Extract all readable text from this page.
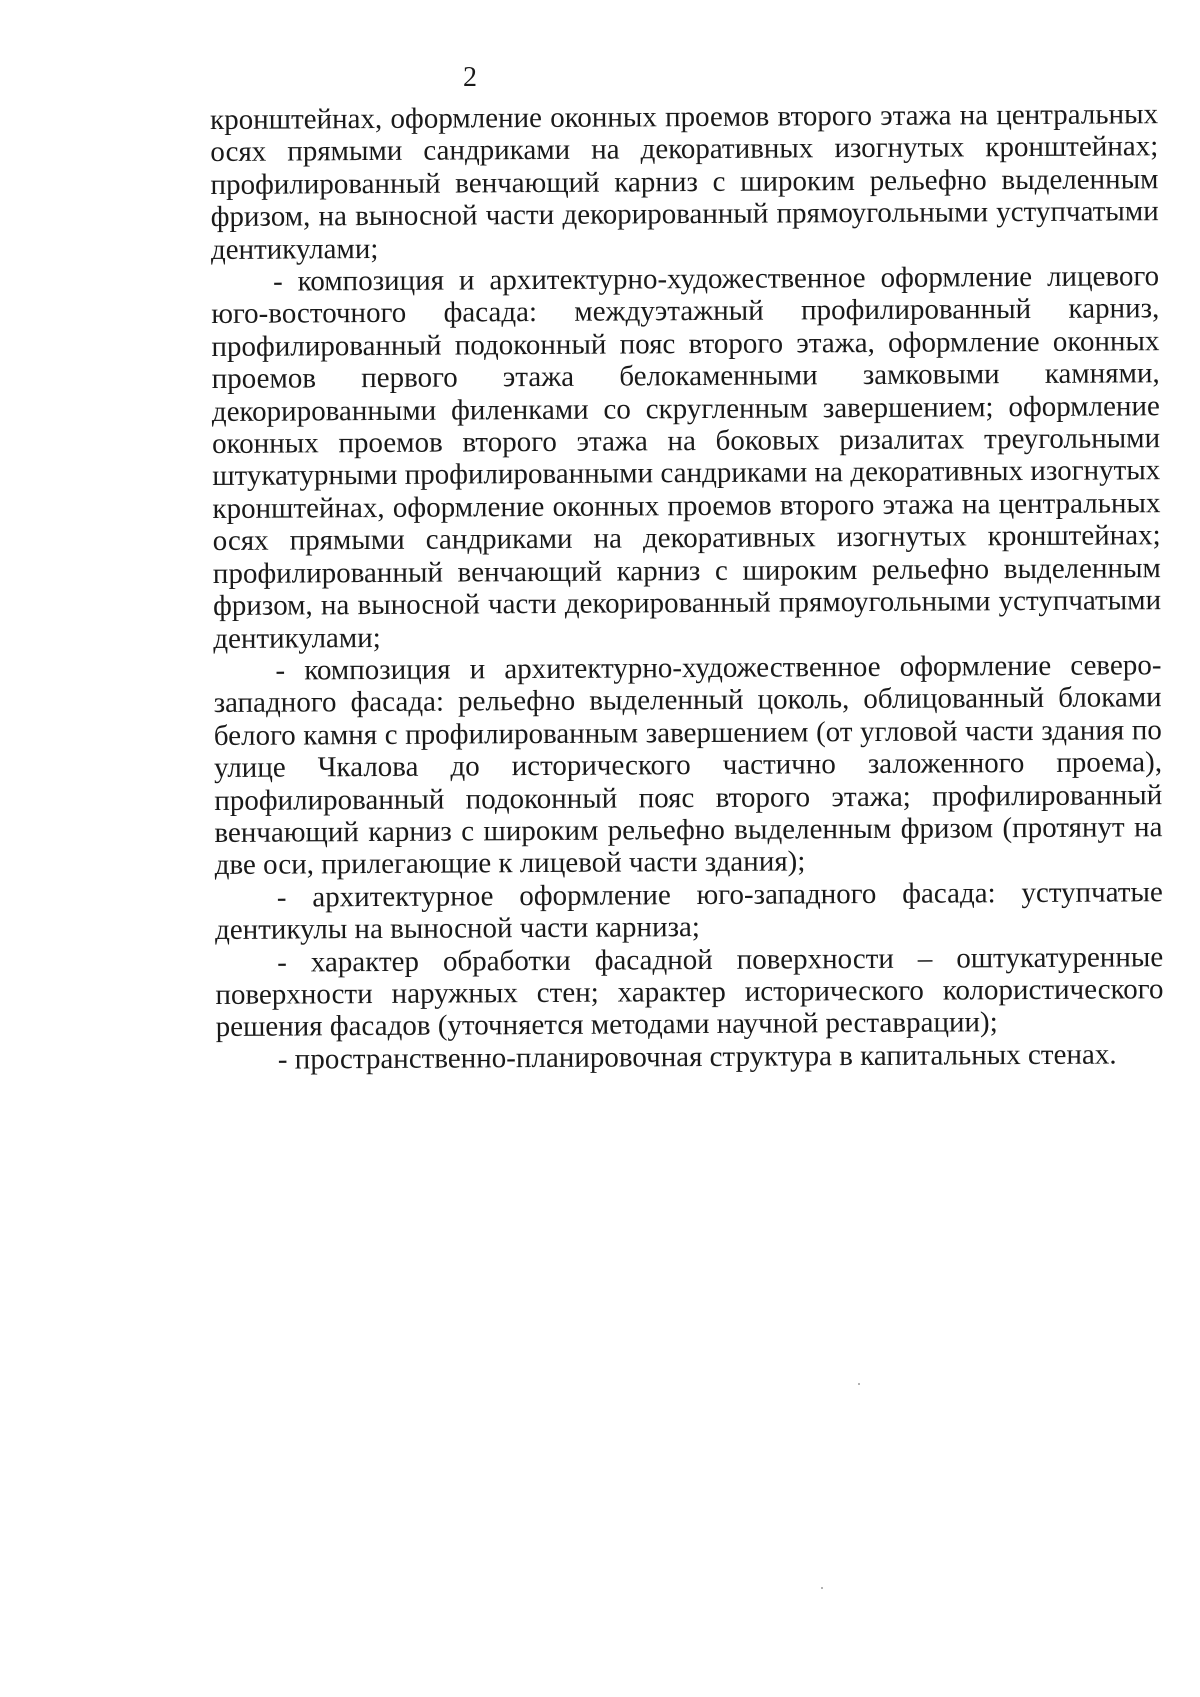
2

кронштейнах, оформление оконных проемов второго этажа на центральных осях прямыми сандриками на декоративных изогнутых кронштейнах; профилированный венчающий карниз с широким рельефно выделенным фризом, на выносной части декорированный прямоугольными уступчатыми дентикулами;

- композиция и архитектурно-художественное оформление лицевого юго-восточного фасада: междуэтажный профилированный карниз, профилированный подоконный пояс второго этажа, оформление оконных проемов первого этажа белокаменными замковыми камнями, декорированными филенками со скругленным завершением; оформление оконных проемов второго этажа на боковых ризалитах треугольными штукатурными профилированными сандриками на декоративных изогнутых кронштейнах, оформление оконных проемов второго этажа на центральных осях прямыми сандриками на декоративных изогнутых кронштейнах; профилированный венчающий карниз с широким рельефно выделенным фризом, на выносной части декорированный прямоугольными уступчатыми дентикулами;

- композиция и архитектурно-художественное оформление северо-западного фасада: рельефно выделенный цоколь, облицованный блоками белого камня с профилированным завершением (от угловой части здания по улице Чкалова до исторического частично заложенного проема), профилированный подоконный пояс второго этажа; профилированный венчающий карниз с широким рельефно выделенным фризом (протянут на две оси, прилегающие к лицевой части здания);

- архитектурное оформление юго-западного фасада: уступчатые дентикулы на выносной части карниза;

- характер обработки фасадной поверхности – оштукатуренные поверхности наружных стен; характер исторического колористического решения фасадов (уточняется методами научной реставрации);

- пространственно-планировочная структура в капитальных стенах.
